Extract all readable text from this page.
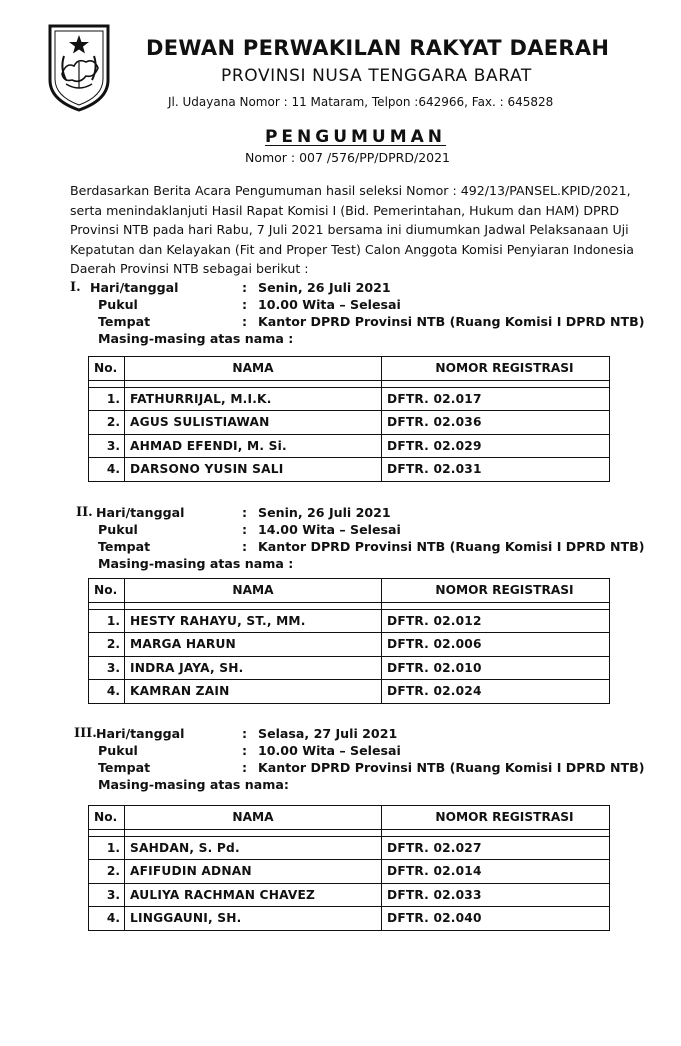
DEWAN PERWAKILAN RAKYAT DAERAH
PROVINSI NUSA TENGGARA BARAT
Jl. Udayana Nomor : 11 Mataram, Telpon :642966, Fax. : 645828
PENGUMUMAN
Nomor : 007 /576/PP/DPRD/2021

Berdasarkan Berita Acara Pengumuman hasil seleksi Nomor : 492/13/PANSEL.KPID/2021,

serta menindaklanjuti Hasil Rapat Komisi I (Bid. Pemerintahan, Hukum dan HAM) DPRD

Provinsi NTB pada hari Rabu, 7 Juli 2021 bersama ini diumumkan Jadwal Pelaksanaan Uji

Kepatutan dan Kelayakan (Fit and Proper Test) Calon Anggota Komisi Penyiaran Indonesia

Daerah Provinsi NTB sebagai berikut :

I. Hari/tanggal	: Senin, 26 Juli 2021
Pukul	: 10.00 Wita – Selesai
Tempat	: Kantor DPRD Provinsi NTB (Ruang Komisi I DPRD NTB)
Masing-masing atas nama :
No.	NAMA	NOMOR REGISTRASI

1.	FATHURRIJAL, M.I.K.	DFTR. 02.017
2.	AGUS SULISTIAWAN	DFTR. 02.036
3.	AHMAD EFENDI, M. Si.	DFTR. 02.029
4.	DARSONO YUSIN SALI	DFTR. 02.031
II. Hari/tanggal	: Senin, 26 Juli 2021
Pukul	: 14.00 Wita – Selesai
Tempat	: Kantor DPRD Provinsi NTB (Ruang Komisi I DPRD NTB)
Masing-masing atas nama :
No.	NAMA	NOMOR REGISTRASI

1.	HESTY RAHAYU, ST., MM.	DFTR. 02.012
2.	MARGA HARUN	DFTR. 02.006
3.	INDRA JAYA, SH.	DFTR. 02.010
4.	KAMRAN ZAIN	DFTR. 02.024
III. Hari/tanggal	: Selasa, 27 Juli 2021
Pukul	: 10.00 Wita – Selesai
Tempat	: Kantor DPRD Provinsi NTB (Ruang Komisi I DPRD NTB)
Masing-masing atas nama:
No.	NAMA	NOMOR REGISTRASI

1.	SAHDAN, S. Pd.	DFTR. 02.027
2.	AFIFUDIN ADNAN	DFTR. 02.014
3.	AULIYA RACHMAN CHAVEZ	DFTR. 02.033
4.	LINGGAUNI, SH.	DFTR. 02.040
